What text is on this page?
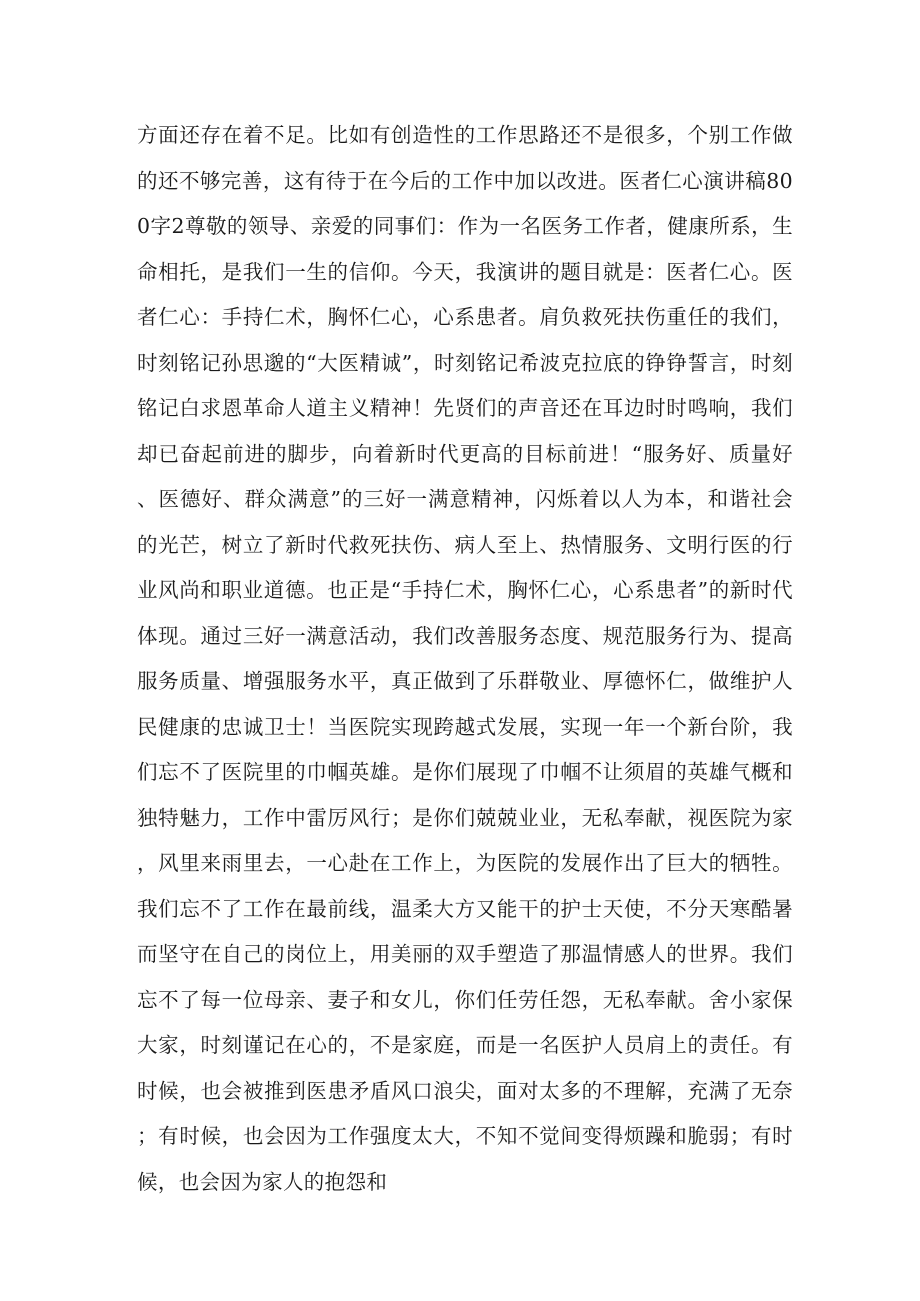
方面还存在着不足。比如有创造性的工作思路还不是很多，个别工作做的还不够完善，这有待于在今后的工作中加以改进。医者仁心演讲稿800字2尊敬的领导、亲爱的同事们：作为一名医务工作者，健康所系，生命相托，是我们一生的信仰。今天，我演讲的题目就是：医者仁心。医者仁心：手持仁术，胸怀仁心，心系患者。肩负救死扶伤重任的我们，时刻铭记孙思邈的“大医精诚”，时刻铭记希波克拉底的铮铮誓言，时刻铭记白求恩革命人道主义精神！先贤们的声音还在耳边时时鸣响，我们却已奋起前进的脚步，向着新时代更高的目标前进！“服务好、质量好、医德好、群众满意”的三好一满意精神，闪烁着以人为本，和谐社会的光芒，树立了新时代救死扶伤、病人至上、热情服务、文明行医的行业风尚和职业道德。也正是“手持仁术，胸怀仁心，心系患者”的新时代体现。通过三好一满意活动，我们改善服务态度、规范服务行为、提高服务质量、增强服务水平，真正做到了乐群敬业、厚德怀仁，做维护人民健康的忠诚卫士！当医院实现跨越式发展，实现一年一个新台阶，我们忘不了医院里的巾帼英雄。是你们展现了巾帼不让须眉的英雄气概和独特魅力，工作中雷厉风行；是你们兢兢业业，无私奉献，视医院为家，风里来雨里去，一心赴在工作上，为医院的发展作出了巨大的牺牲。我们忘不了工作在最前线，温柔大方又能干的护士天使，不分天寒酷暑而坚守在自己的岗位上，用美丽的双手塑造了那温情感人的世界。我们忘不了每一位母亲、妻子和女儿，你们任劳任怨，无私奉献。舍小家保大家，时刻谨记在心的，不是家庭，而是一名医护人员肩上的责任。有时候，也会被推到医患矛盾风口浪尖，面对太多的不理解，充满了无奈；有时候，也会因为工作强度太大，不知不觉间变得烦躁和脆弱；有时候，也会因为家人的抱怨和
